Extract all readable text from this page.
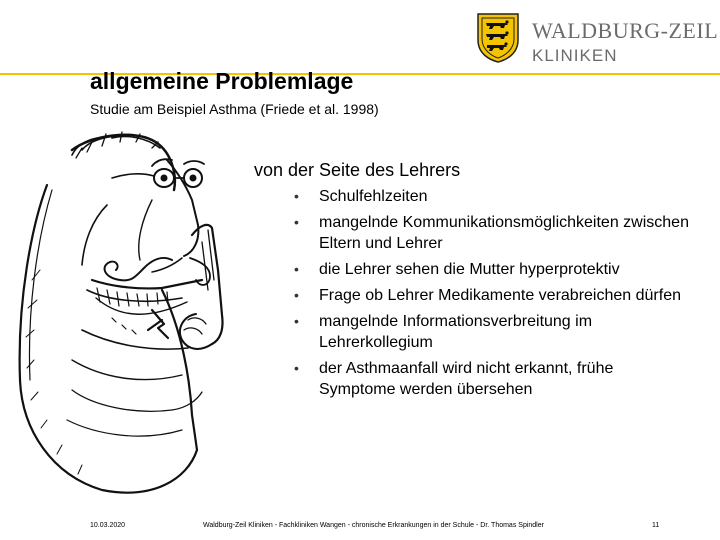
WALDBURG-ZEIL
KLINIKEN
allgemeine Problemlage
Studie am Beispiel Asthma (Friede et al. 1998)
von der Seite des Lehrers
• Schulfehlzeiten
• mangelnde Kommunikationsmöglichkeiten zwischen Eltern und Lehrer
• die Lehrer sehen die Mutter hyperprotektiv
• Frage ob Lehrer Medikamente verabreichen dürfen
• mangelnde Informationsverbreitung im Lehrerkollegium
• der Asthmaanfall wird nicht erkannt, frühe Symptome werden übersehen
10.03.2020	Waldburg-Zeil Kliniken - Fachkliniken Wangen - chronische Erkrankungen in der Schule - Dr. Thomas Spindler	11
